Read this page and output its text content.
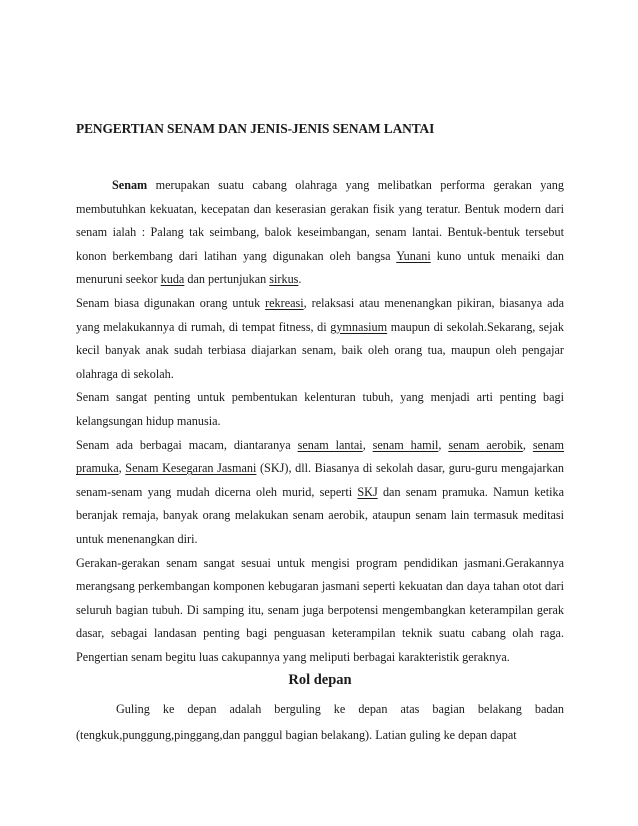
PENGERTIAN SENAM DAN JENIS-JENIS SENAM LANTAI

Senam merupakan suatu cabang olahraga yang melibatkan performa gerakan yang membutuhkan kekuatan, kecepatan dan keserasian gerakan fisik yang teratur. Bentuk modern dari senam ialah : Palang tak seimbang, balok keseimbangan, senam lantai. Bentuk-bentuk tersebut konon berkembang dari latihan yang digunakan oleh bangsa Yunani kuno untuk menaiki dan menuruni seekor kuda dan pertunjukan sirkus.

Senam biasa digunakan orang untuk rekreasi, relaksasi atau menenangkan pikiran, biasanya ada yang melakukannya di rumah, di tempat fitness, di gymnasium maupun di sekolah.Sekarang, sejak kecil banyak anak sudah terbiasa diajarkan senam, baik oleh orang tua, maupun oleh pengajar olahraga di sekolah.

Senam sangat penting untuk pembentukan kelenturan tubuh, yang menjadi arti penting bagi kelangsungan hidup manusia.

Senam ada berbagai macam, diantaranya senam lantai, senam hamil, senam aerobik, senam pramuka, Senam Kesegaran Jasmani (SKJ), dll. Biasanya di sekolah dasar, guru-guru mengajarkan senam-senam yang mudah dicerna oleh murid, seperti SKJ dan senam pramuka. Namun ketika beranjak remaja, banyak orang melakukan senam aerobik, ataupun senam lain termasuk meditasi untuk menenangkan diri.

Gerakan-gerakan senam sangat sesuai untuk mengisi program pendidikan jasmani.Gerakannya merangsang perkembangan komponen kebugaran jasmani seperti kekuatan dan daya tahan otot dari seluruh bagian tubuh. Di samping itu, senam juga berpotensi mengembangkan keterampilan gerak dasar, sebagai landasan penting bagi penguasan keterampilan teknik suatu cabang olah raga. Pengertian senam begitu luas cakupannya yang meliputi berbagai karakteristik geraknya.

Rol depan

Guling ke depan adalah berguling ke depan atas bagian belakang badan (tengkuk,punggung,pinggang,dan panggul bagian belakang). Latian guling ke depan dapat
